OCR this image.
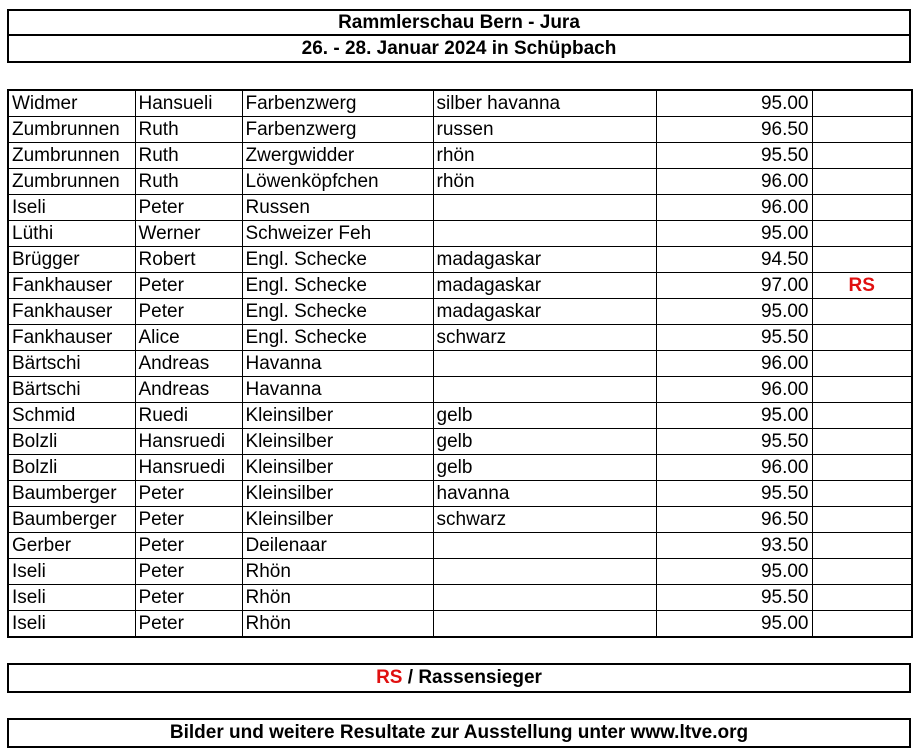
Rammlerschau Bern - Jura
26. - 28. Januar 2024 in Schüpbach
Widmer	Hansueli	Farbenzwerg	silber havanna	95.00	
Zumbrunnen	Ruth	Farbenzwerg	russen	96.50	
Zumbrunnen	Ruth	Zwergwidder	rhön	95.50	
Zumbrunnen	Ruth	Löwenköpfchen	rhön	96.00	
Iseli	Peter	Russen		96.00	
Lüthi	Werner	Schweizer Feh		95.00	
Brügger	Robert	Engl. Schecke	madagaskar	94.50	
Fankhauser	Peter	Engl. Schecke	madagaskar	97.00	RS
Fankhauser	Peter	Engl. Schecke	madagaskar	95.00	
Fankhauser	Alice	Engl. Schecke	schwarz	95.50	
Bärtschi	Andreas	Havanna		96.00	
Bärtschi	Andreas	Havanna		96.00	
Schmid	Ruedi	Kleinsilber	gelb	95.00	
Bolzli	Hansruedi	Kleinsilber	gelb	95.50	
Bolzli	Hansruedi	Kleinsilber	gelb	96.00	
Baumberger	Peter	Kleinsilber	havanna	95.50	
Baumberger	Peter	Kleinsilber	schwarz	96.50	
Gerber	Peter	Deilenaar		93.50	
Iseli	Peter	Rhön		95.00	
Iseli	Peter	Rhön		95.50	
Iseli	Peter	Rhön		95.00	
RS / Rassensieger
Bilder und weitere Resultate zur Ausstellung unter www.ltve.org
